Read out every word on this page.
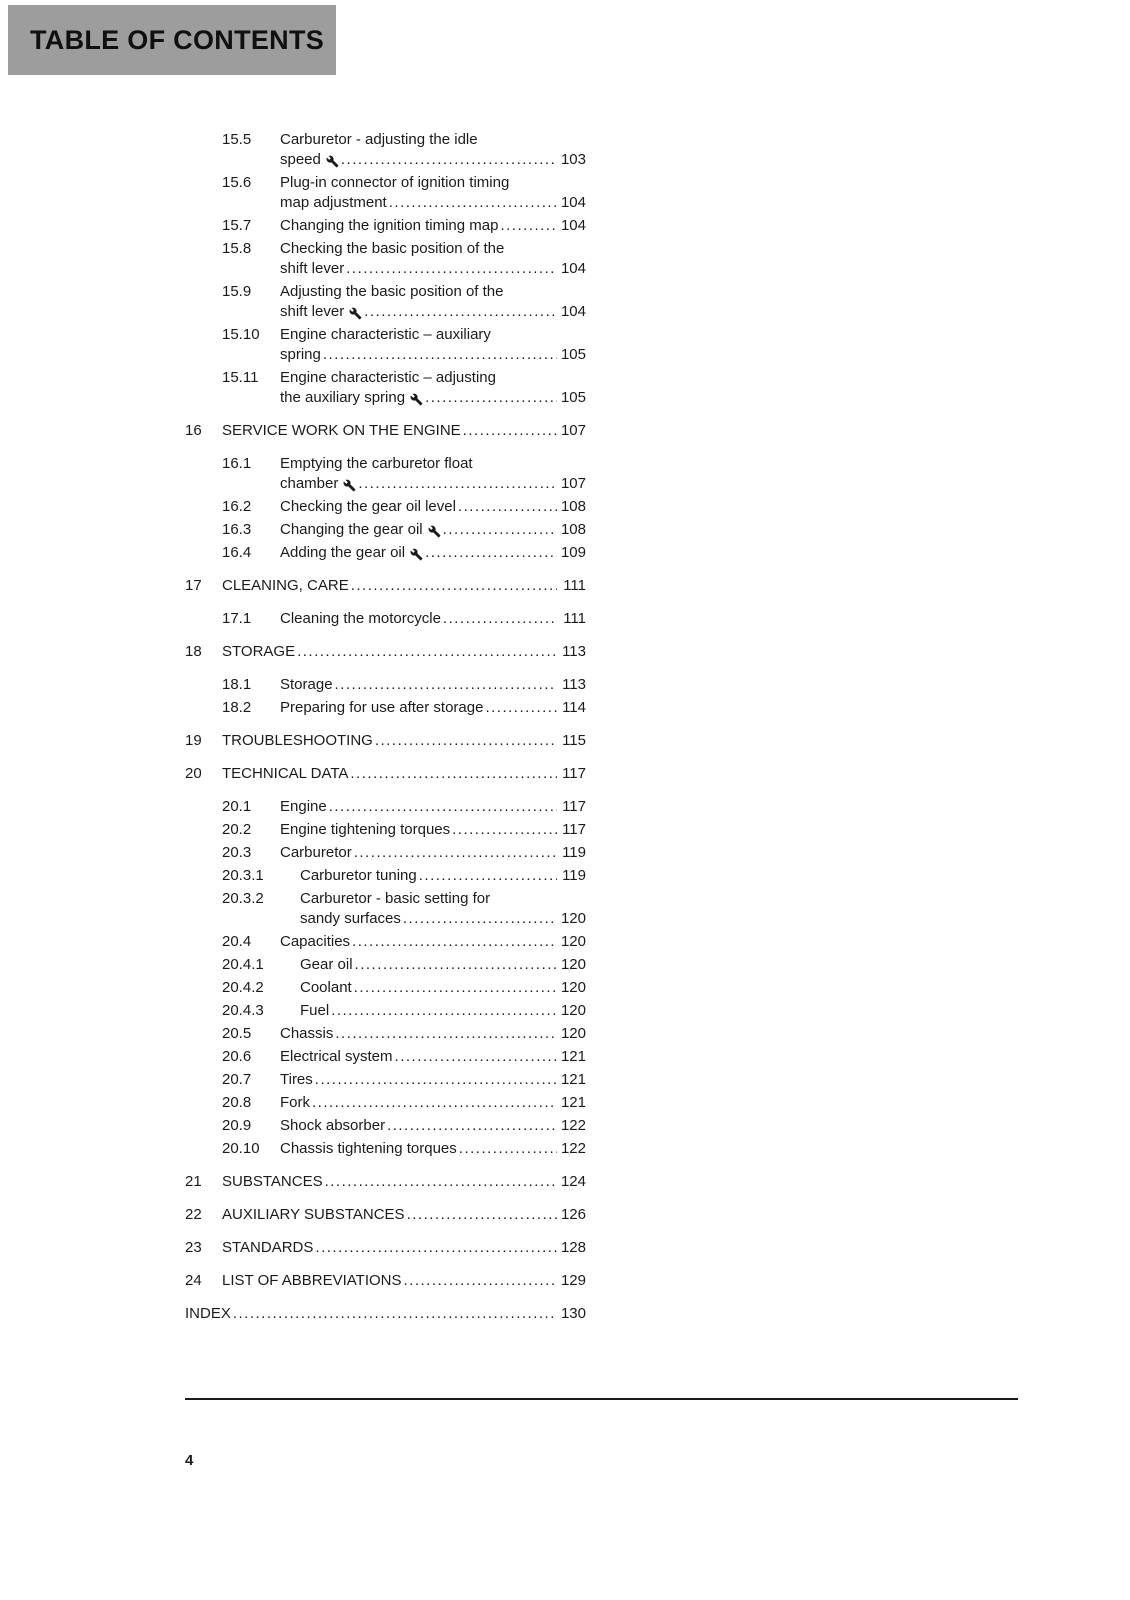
TABLE OF CONTENTS
15.5	Carburetor - adjusting the idle
speed .....	103
15.6	Plug-in connector of ignition timing
map adjustment .....	104
15.7	Changing the ignition timing map .....	104
15.8	Checking the basic position of the
shift lever .....	104
15.9	Adjusting the basic position of the
shift lever .....	104
15.10	Engine characteristic – auxiliary
spring .....	105
15.11	Engine characteristic – adjusting
the auxiliary spring .....	105
16	SERVICE WORK ON THE ENGINE .....	107
16.1	Emptying the carburetor float
chamber .....	107
16.2	Checking the gear oil level .....	108
16.3	Changing the gear oil .....	108
16.4	Adding the gear oil .....	109
17	CLEANING, CARE .....	111
17.1	Cleaning the motorcycle .....	111
18	STORAGE .....	113
18.1	Storage .....	113
18.2	Preparing for use after storage .....	114
19	TROUBLESHOOTING .....	115
20	TECHNICAL DATA .....	117
20.1	Engine .....	117
20.2	Engine tightening torques .....	117
20.3	Carburetor .....	119
20.3.1	Carburetor tuning .....	119
20.3.2	Carburetor - basic setting for
sandy surfaces .....	120
20.4	Capacities .....	120
20.4.1	Gear oil .....	120
20.4.2	Coolant .....	120
20.4.3	Fuel .....	120
20.5	Chassis .....	120
20.6	Electrical system .....	121
20.7	Tires .....	121
20.8	Fork .....	121
20.9	Shock absorber .....	122
20.10	Chassis tightening torques .....	122
21	SUBSTANCES .....	124
22	AUXILIARY SUBSTANCES .....	126
23	STANDARDS .....	128
24	LIST OF ABBREVIATIONS .....	129
INDEX .....	130
4
